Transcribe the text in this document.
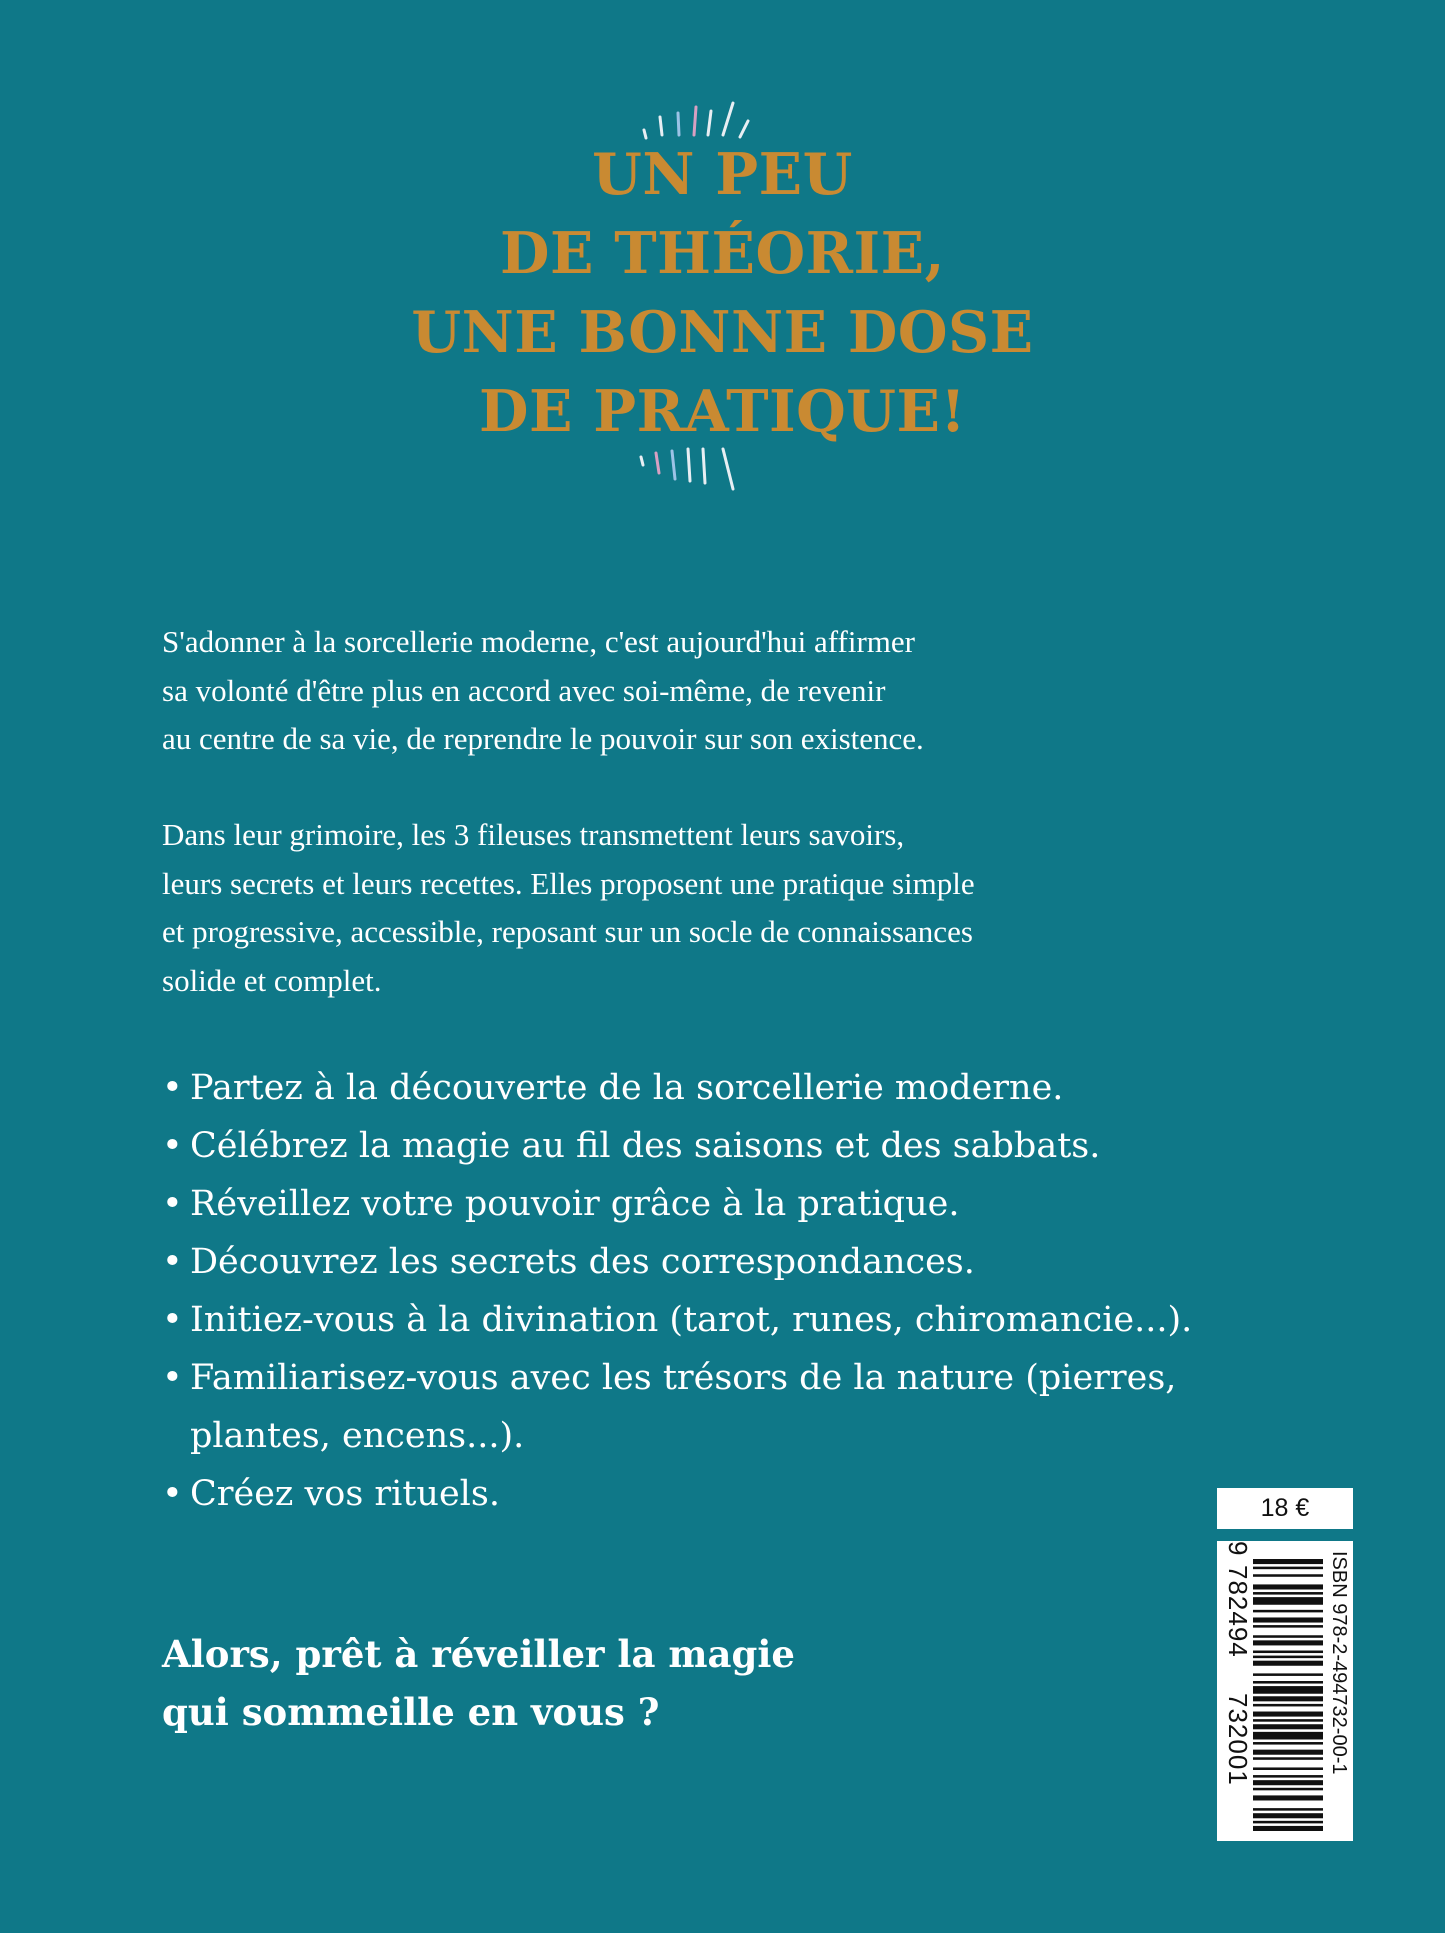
UN PEU
DE THÉORIE,
UNE BONNE DOSE
DE PRATIQUE!
S'adonner à la sorcellerie moderne, c'est aujourd'hui affirmer
sa volonté d'être plus en accord avec soi-même, de revenir
au centre de sa vie, de reprendre le pouvoir sur son existence.
Dans leur grimoire, les 3 fileuses transmettent leurs savoirs,
leurs secrets et leurs recettes. Elles proposent une pratique simple
et progressive, accessible, reposant sur un socle de connaissances
solide et complet.
• Partez à la découverte de la sorcellerie moderne.
• Célébrez la magie au fil des saisons et des sabbats.
• Réveillez votre pouvoir grâce à la pratique.
• Découvrez les secrets des correspondances.
• Initiez-vous à la divination (tarot, runes, chiromancie...).
• Familiarisez-vous avec les trésors de la nature (pierres,
plantes, encens...).
• Créez vos rituels.
Alors, prêt à réveiller la magie
qui sommeille en vous ?
18 €
ISBN 978-2-494732-00-1
9
782494
732001
